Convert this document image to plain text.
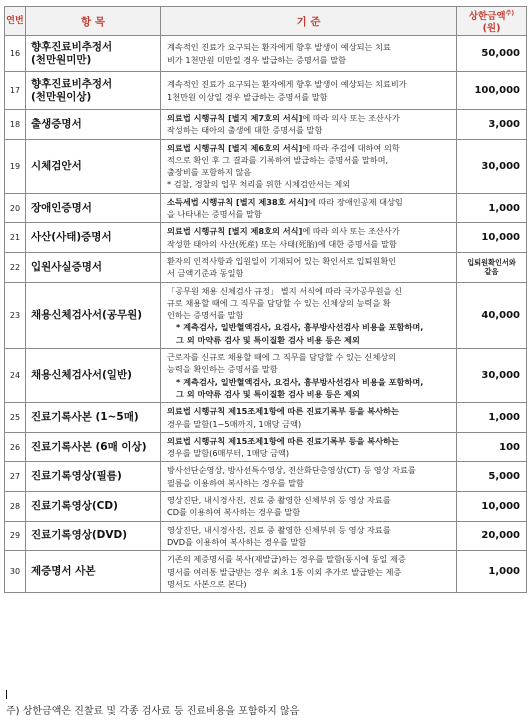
연번	항 목	기 준	상한금액$^{주)}$
(원)
16	향후진료비추정서
(천만원미만)	계속적인 진료가 요구되는 환자에게 향후 발생이 예상되는 치료
비가 1천만원 미만일 경우 발급하는 증명서를 말함	50,000
17	향후진료비추정서
(천만원이상)	계속적인 진료가 요구되는 환자에게 향후 발생이 예상되는 치료비가
1천만원 이상일 경우 발급하는 증명서를 말함	100,000
18	출생증명서	의료법 시행규칙 [별지 제7호의 서식]에 따라 의사 또는 조산사가
작성하는 태아의 출생에 대한 증명서를 말함	3,000
19	시체검안서	의료법 시행규칙 [별지 제6호의 서식]에 따라 주검에 대하여 의학
적으로 확인 후 그 결과를 기록하여 발급하는 증명서를 말하며,
출장비를 포함하지 않음
* 검찰, 경찰의 업무 처리를 위한 시체검안서는 제외	30,000
20	장애인증명서	소득세법 시행규칙 [별지 제38호 서식]에 따라 장애인공제 대상임
을 나타내는 증명서를 말함	1,000
21	사산(사태)증명서	의료법 시행규칙 [별지 제8호의 서식]에 따라 의사 또는 조산사가
작성한 태아의 사산(死産) 또는 사태(死胎)에 대한 증명서를 말함	10,000
22	입원사실증명서	환자의 인적사항과 입원일이 기재되어 있는 확인서로 입퇴원확인
서 금액기준과 동일함	입퇴원확인서와
같음

23	채용신체검사서(공무원)	「공무원 채용 신체검사 규정」 별지 서식에 따라 국가공무원을 신
규로 채용할 때에 그 직무를 담당할 수 있는 신체상의 능력을 확
인하는 증명서를 말함
* 계측검사, 일반혈액검사, 요검사, 흉부방사선검사 비용을 포함하며,
그 외 마약류 검사 및 특이질환 검사 비용 등은 제외	40,000
24	채용신체검사서(일반)	근로자를 신규로 채용할 때에 그 직무를 담당할 수 있는 신체상의
능력을 확인하는 증명서를 말함
* 계측검사, 일반혈액검사, 요검사, 흉부방사선검사 비용을 포함하며,
그 외 마약류 검사 및 특이질환 검사 비용 등은 제외	30,000
25	진료기록사본 (1~5매)	의료법 시행규칙 제15조제1항에 따른 진료기록부 등을 복사하는
경우를 말함(1~5매까지, 1매당 금액)	1,000
26	진료기록사본 (6매 이상)	의료법 시행규칙 제15조제1항에 따른 진료기록부 등을 복사하는
경우를 말함(6매부터, 1매당 금액)	100
27	진료기록영상(필름)	방사선단순영상, 방사선특수영상, 전산화단층영상(CT) 등 영상 자료를
필름을 이용하여 복사하는 경우를 말함	5,000
28	진료기록영상(CD)	영상진단, 내시경사진, 진료 중 촬영한 신체부위 등 영상 자료를
CD를 이용하여 복사하는 경우를 말함	10,000
29	진료기록영상(DVD)	영상진단, 내시경사진, 진료 중 촬영한 신체부위 등 영상 자료를
DVD를 이용하여 복사하는 경우를 말함	20,000
30	제증명서 사본	기존의 제증명서를 복사(재발급)하는 경우를 말함(동시에 동일 제증
명서를 여러통 발급받는 경우 최초 1통 이외 추가로 발급받는 제증
명서도 사본으로 본다)	1,000
주) 상한금액은 진찰료 및 각종 검사료 등 진료비용을 포함하지 않음
